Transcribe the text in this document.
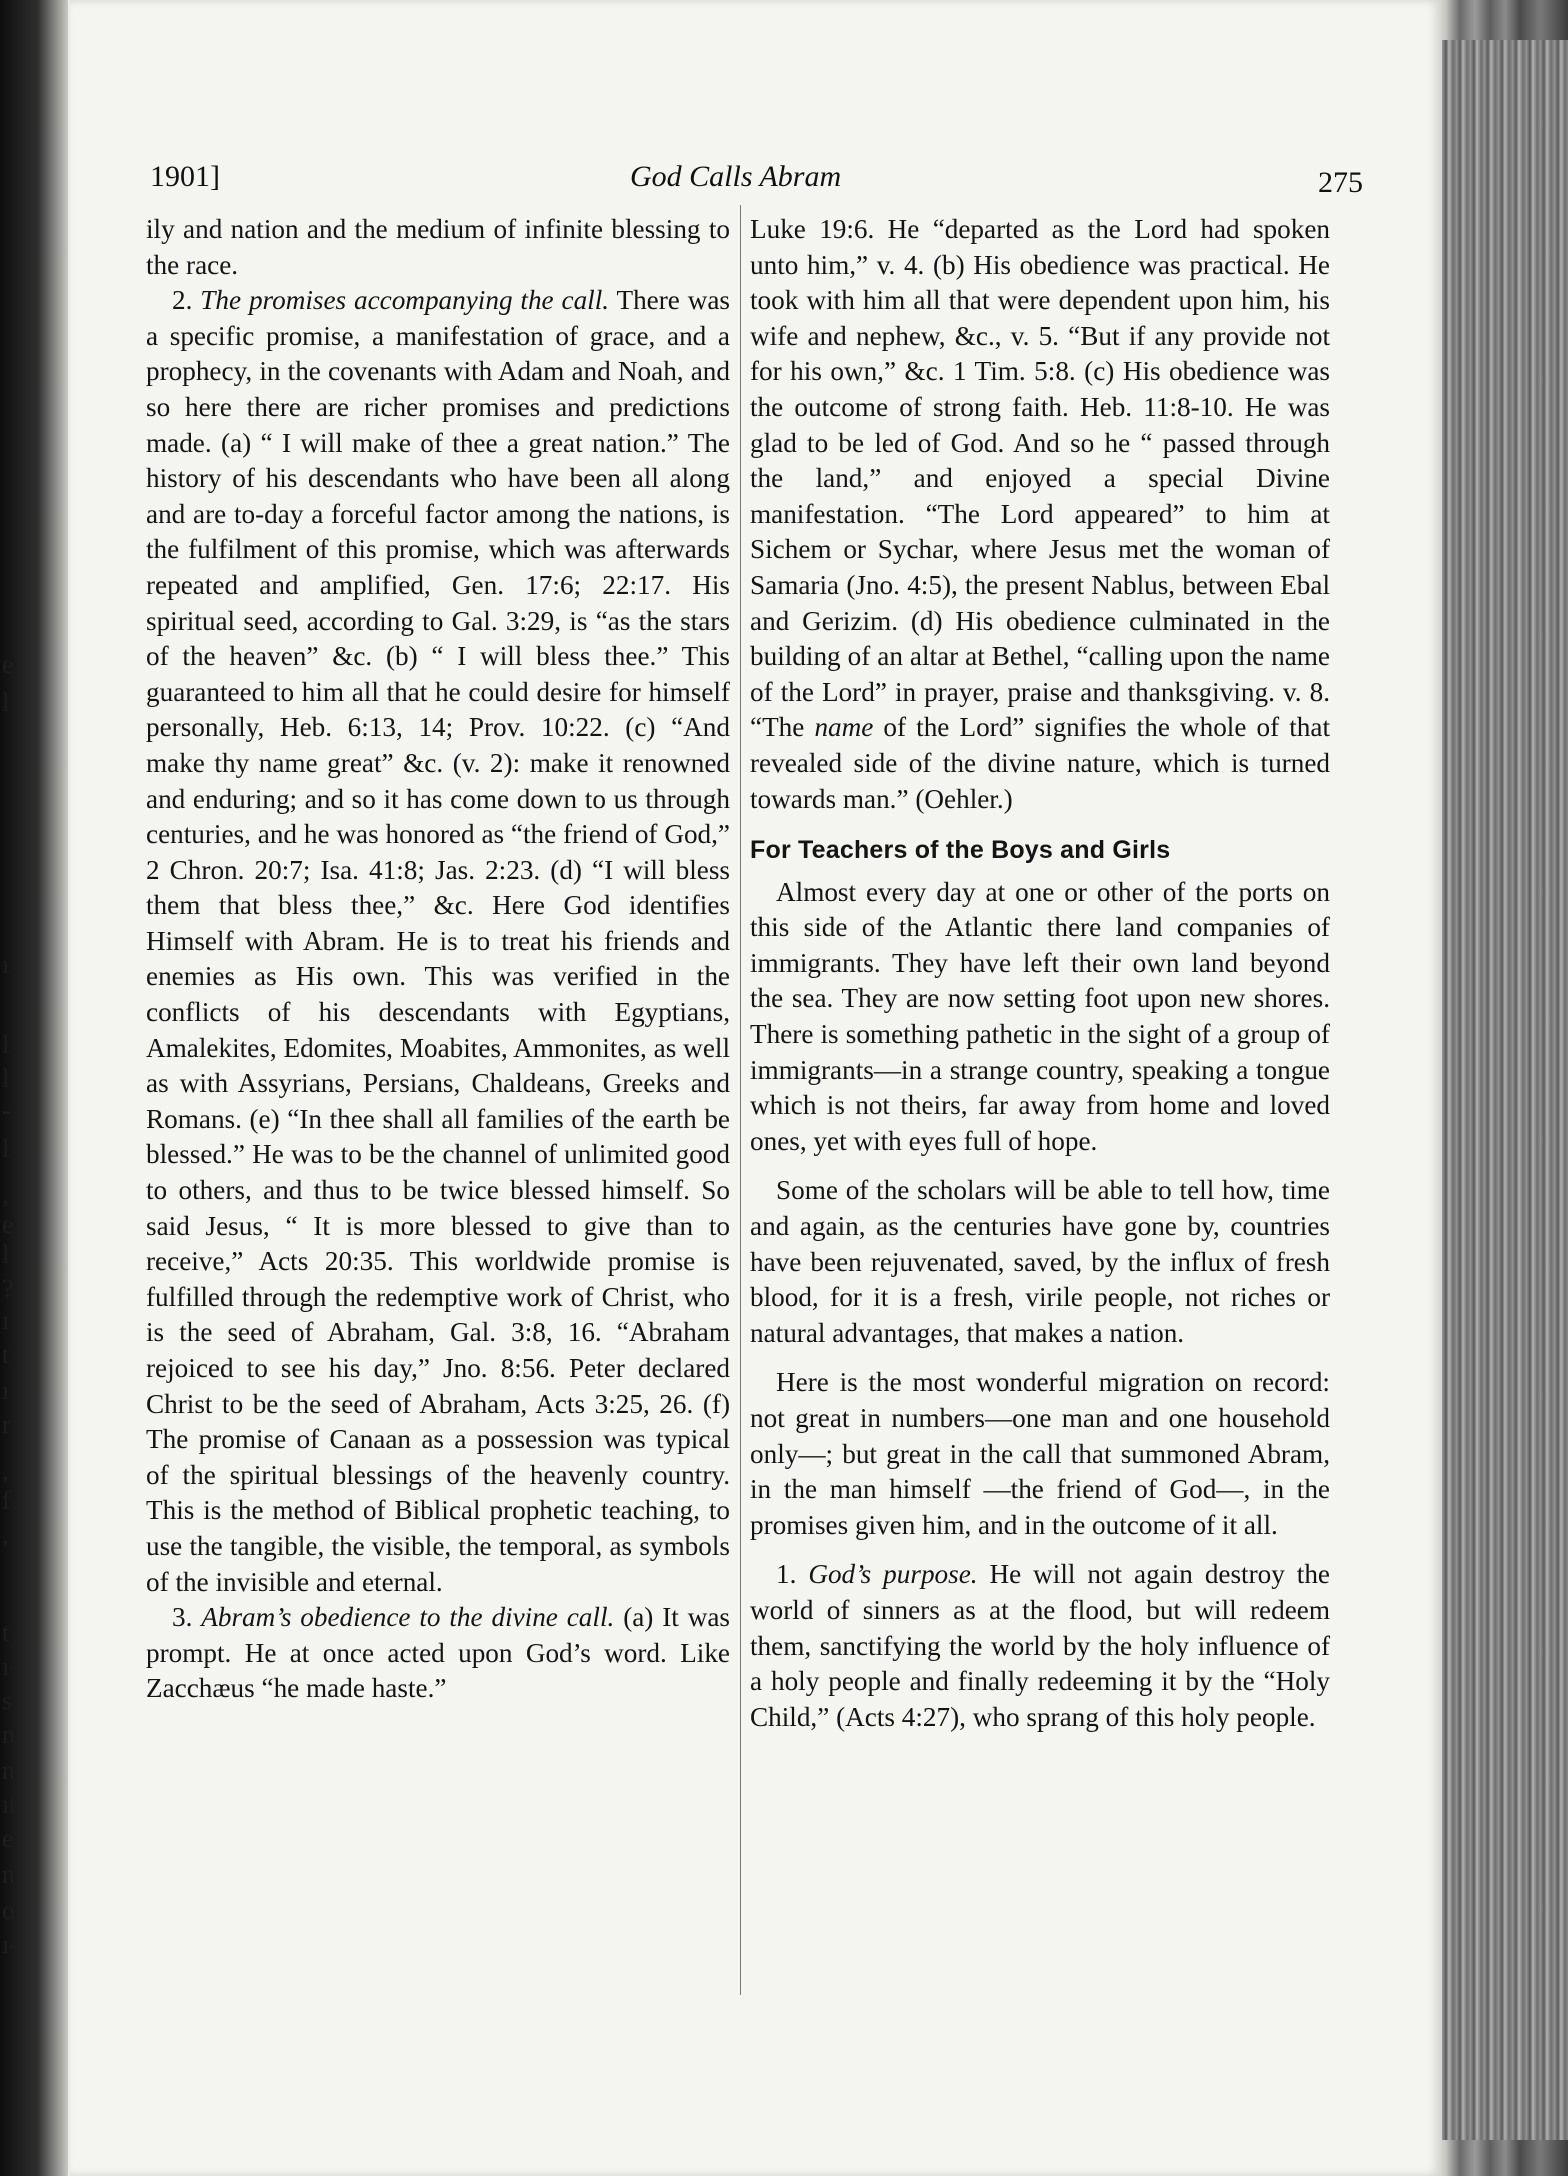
e
l
ı
l
l
-
l
,
e
l
?
ı
t
ı
r
,
f
,
t
ı-
s
n
n
ıt
e.
n
o
ı-
1901]	God Calls Abram	275

ily and nation and the medium of infinite blessing to the race.

2. The promises accompanying the call. There was a specific promise, a manifestation of grace, and a prophecy, in the covenants with Adam and Noah, and so here there are richer promises and predictions made. (a) “ I will make of thee a great nation.” The history of his descendants who have been all along and are to-day a forceful factor among the nations, is the fulfilment of this promise, which was afterwards repeated and amplified, Gen. 17:6; 22:17. His spiritual seed, according to Gal. 3:29, is “as the stars of the heaven” &c. (b) “ I will bless thee.” This guaranteed to him all that he could desire for himself personally, Heb. 6:13, 14; Prov. 10:22. (c) “And make thy name great” &c. (v. 2): make it renowned and enduring; and so it has come down to us through centuries, and he was honored as “the friend of God,” 2 Chron. 20:7; Isa. 41:8; Jas. 2:23. (d) “I will bless them that bless thee,” &c. Here God identifies Himself with Abram. He is to treat his friends and enemies as His own. This was verified in the conflicts of his descendants with Egyptians, Amalekites, Edomites, Moabites, Ammonites, as well as with Assyrians, Persians, Chaldeans, Greeks and Romans. (e) “In thee shall all families of the earth be blessed.” He was to be the channel of unlimited good to others, and thus to be twice blessed himself. So said Jesus, “ It is more blessed to give than to receive,” Acts 20:35. This worldwide promise is fulfilled through the redemptive work of Christ, who is the seed of Abraham, Gal. 3:8, 16. “Abraham rejoiced to see his day,” Jno. 8:56. Peter declared Christ to be the seed of Abraham, Acts 3:25, 26. (f) The promise of Canaan as a possession was typical of the spiritual blessings of the heavenly country. This is the method of Biblical prophetic teaching, to use the tangible, the visible, the temporal, as symbols of the invisible and eternal.

3. Abram’s obedience to the divine call. (a) It was prompt. He at once acted upon God’s word. Like Zacchæus “he made haste.”

Luke 19:6. He “departed as the Lord had spoken unto him,” v. 4. (b) His obedience was practical. He took with him all that were dependent upon him, his wife and nephew, &c., v. 5. “But if any provide not for his own,” &c. 1 Tim. 5:8. (c) His obedience was the outcome of strong faith. Heb. 11:8-10. He was glad to be led of God. And so he “ passed through the land,” and enjoyed a special Divine manifestation. “The Lord appeared” to him at Sichem or Sychar, where Jesus met the woman of Samaria (Jno. 4:5), the present Nablus, between Ebal and Gerizim. (d) His obedience culminated in the building of an altar at Bethel, “calling upon the name of the Lord” in prayer, praise and thanksgiving. v. 8. “The name of the Lord” signifies the whole of that revealed side of the divine nature, which is turned towards man.” (Oehler.)

For Teachers of the Boys and Girls

Almost every day at one or other of the ports on this side of the Atlantic there land companies of immigrants. They have left their own land beyond the sea. They are now setting foot upon new shores. There is something pathetic in the sight of a group of immigrants—in a strange country, speaking a tongue which is not theirs, far away from home and loved ones, yet with eyes full of hope.

Some of the scholars will be able to tell how, time and again, as the centuries have gone by, countries have been rejuvenated, saved, by the influx of fresh blood, for it is a fresh, virile people, not riches or natural advantages, that makes a nation.

Here is the most wonderful migration on record: not great in numbers—one man and one household only—; but great in the call that summoned Abram, in the man himself —the friend of God—, in the promises given him, and in the outcome of it all.

1. God’s purpose. He will not again destroy the world of sinners as at the flood, but will redeem them, sanctifying the world by the holy influence of a holy people and finally redeeming it by the “Holy Child,” (Acts 4:27), who sprang of this holy people.
